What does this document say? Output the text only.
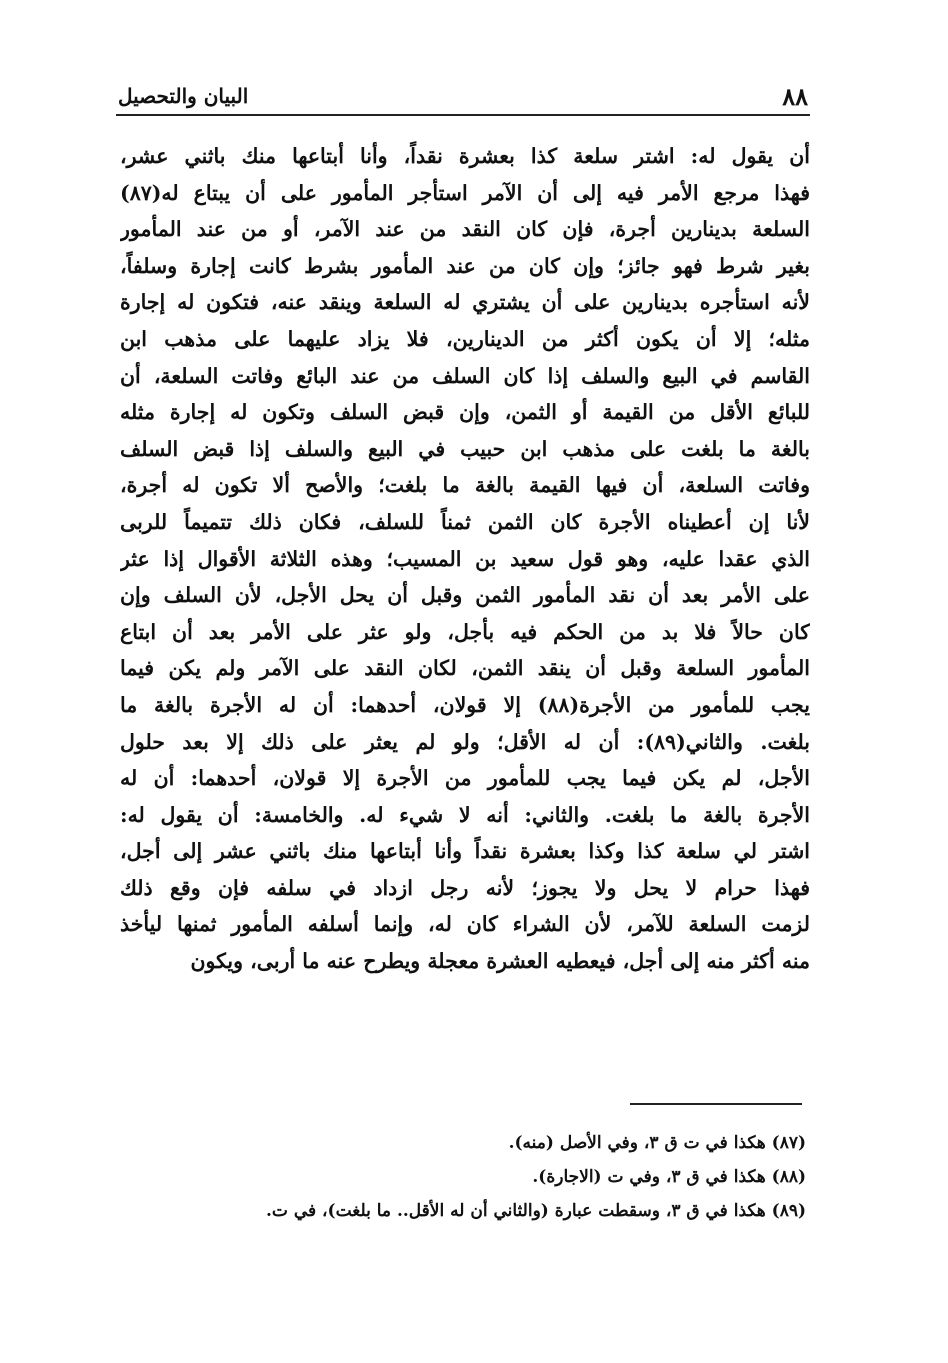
٨٨
البيان والتحصيل
أن يقول له: اشتر سلعة كذا بعشرة نقداً، وأنا أبتاعها منك باثني عشر،
فهذا مرجع الأمر فيه إلى أن الآمر استأجر المأمور على أن يبتاع له(٨٧)
السلعة بدينارين أجرة، فإن كان النقد من عند الآمر، أو من عند المأمور
بغير شرط فهو جائز؛ وإن كان من عند المأمور بشرط كانت إجارة وسلفاً،
لأنه استأجره بدينارين على أن يشتري له السلعة وينقد عنه، فتكون له إجارة
مثله؛ إلا أن يكون أكثر من الدينارين، فلا يزاد عليهما على مذهب ابن
القاسم في البيع والسلف إذا كان السلف من عند البائع وفاتت السلعة، أن
للبائع الأقل من القيمة أو الثمن، وإن قبض السلف وتكون له إجارة مثله
بالغة ما بلغت على مذهب ابن حبيب في البيع والسلف إذا قبض السلف
وفاتت السلعة، أن فيها القيمة بالغة ما بلغت؛ والأصح ألا تكون له أجرة،
لأنا إن أعطيناه الأجرة كان الثمن ثمناً للسلف، فكان ذلك تتميماً للربى
الذي عقدا عليه، وهو قول سعيد بن المسيب؛ وهذه الثلاثة الأقوال إذا عثر
على الأمر بعد أن نقد المأمور الثمن وقبل أن يحل الأجل، لأن السلف وإن
كان حالاً فلا بد من الحكم فيه بأجل، ولو عثر على الأمر بعد أن ابتاع
المأمور السلعة وقبل أن ينقد الثمن، لكان النقد على الآمر ولم يكن فيما
يجب للمأمور من الأجرة(٨٨) إلا قولان، أحدهما: أن له الأجرة بالغة ما
بلغت. والثاني(٨٩): أن له الأقل؛ ولو لم يعثر على ذلك إلا بعد حلول
الأجل، لم يكن فيما يجب للمأمور من الأجرة إلا قولان، أحدهما: أن له
الأجرة بالغة ما بلغت. والثاني: أنه لا شيء له. والخامسة: أن يقول له:
اشتر لي سلعة كذا وكذا بعشرة نقداً وأنا أبتاعها منك باثني عشر إلى أجل،
فهذا حرام لا يحل ولا يجوز؛ لأنه رجل ازداد في سلفه فإن وقع ذلك
لزمت السلعة للآمر، لأن الشراء كان له، وإنما أسلفه المأمور ثمنها ليأخذ
منه أكثر منه إلى أجل، فيعطيه العشرة معجلة ويطرح عنه ما أربى، ويكون
(٨٧) هكذا في ت ق ٣، وفي الأصل (منه).
(٨٨) هكذا في ق ٣، وفي ت (الاجارة).
(٨٩) هكذا في ق ٣، وسقطت عبارة (والثاني أن له الأقل.. ما بلغت)، في ت.
